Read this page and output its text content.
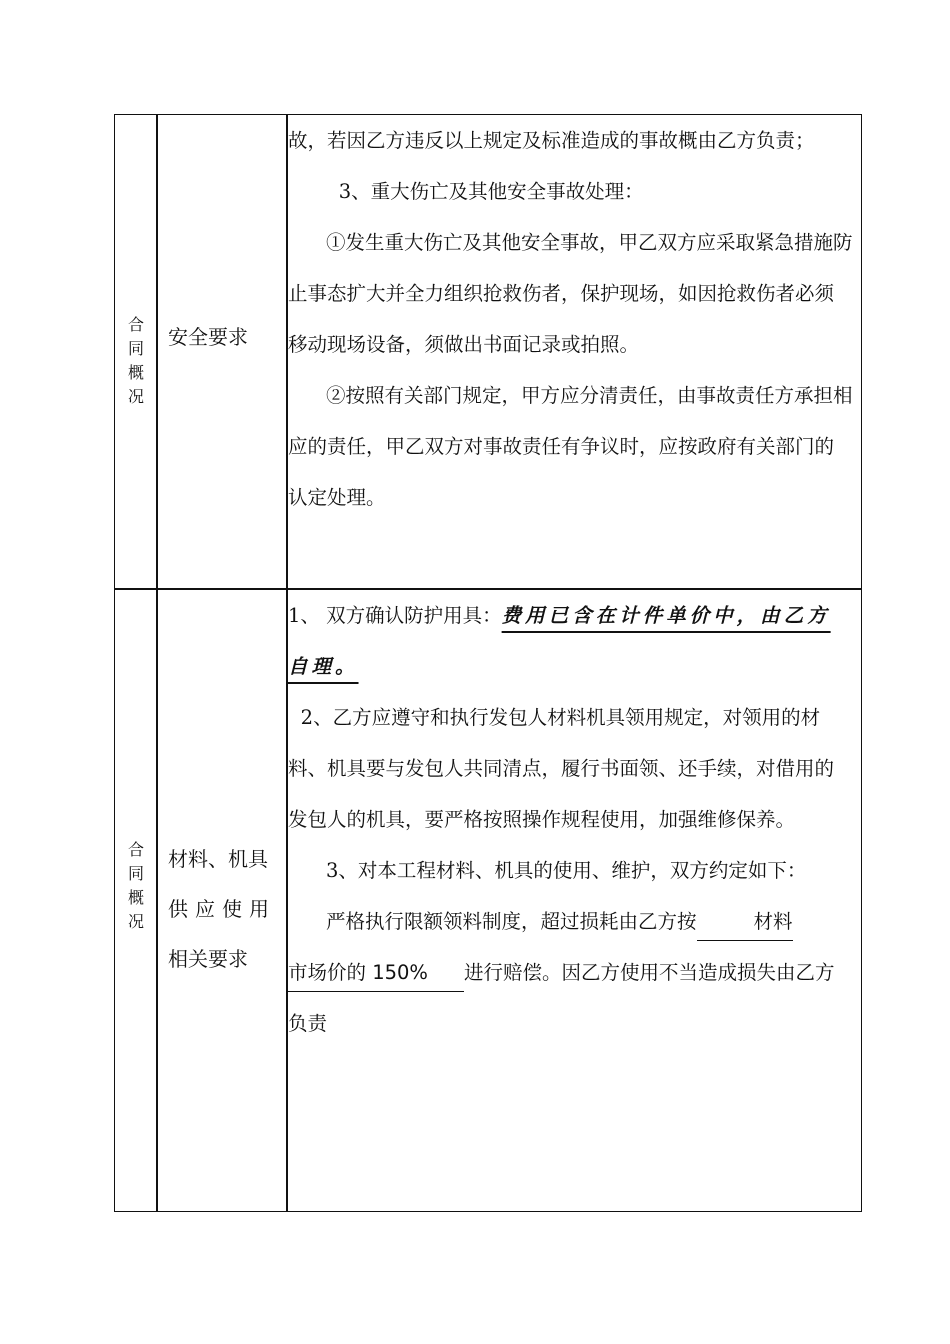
合
同
概
况
安全要求

故，若因乙方违反以上规定及标准造成的事故概由乙方负责；

3、重大伤亡及其他安全事故处理：

①发生重大伤亡及其他安全事故，甲乙双方应采取紧急措施防止事态扩大并全力组织抢救伤者，保护现场，如因抢救伤者必须移动现场设备，须做出书面记录或拍照。

②按照有关部门规定，甲方应分清责任，由事故责任方承担相应的责任，甲乙双方对事故责任有争议时，应按政府有关部门的认定处理。

合
同
概
况
材料、机具
供应使用
相关要求

1、 双方确认防护用具：费用已含在计件单价中，由乙方自理。

2、乙方应遵守和执行发包人材料机具领用规定，对领用的材料、机具要与发包人共同清点，履行书面领、还手续，对借用的发包人的机具，要严格按照操作规程使用，加强维修保养。

3、对本工程材料、机具的使用、维护，双方约定如下：

严格执行限额领料制度，超过损耗由乙方按	材料
市场价的 150% 进行赔偿。因乙方使用不当造成损失由乙方负责
